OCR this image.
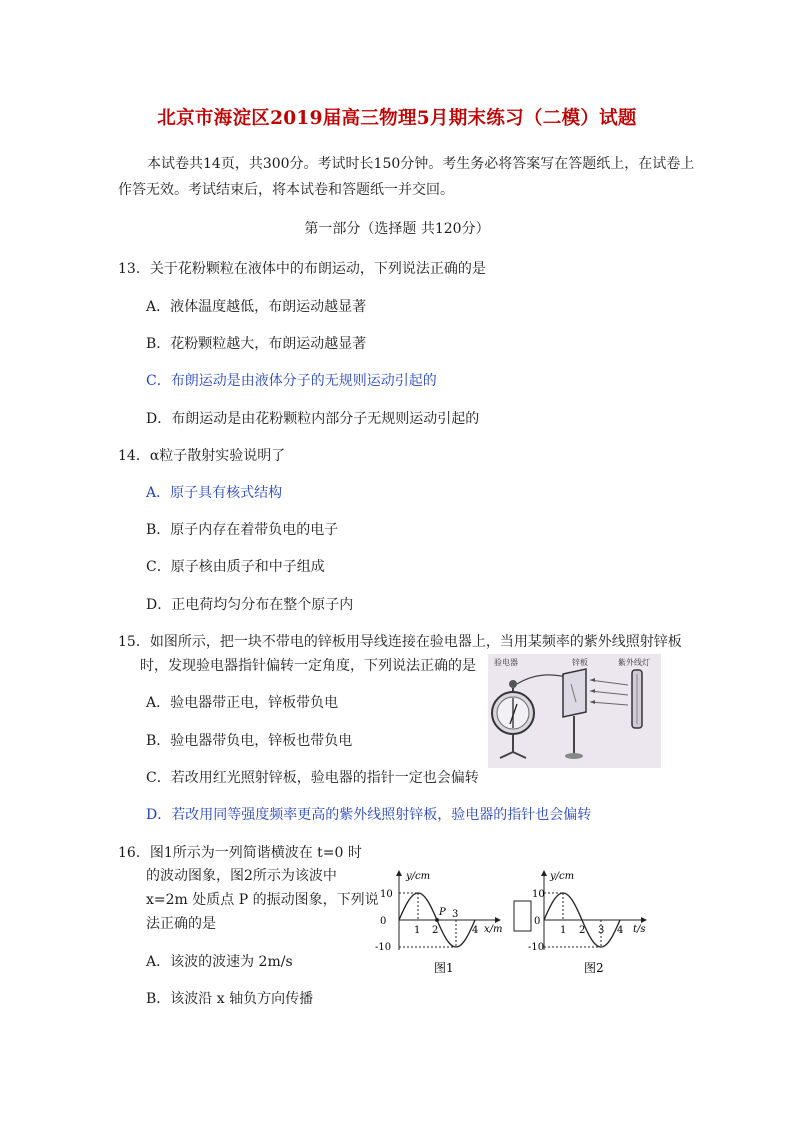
北京市海淀区2019届高三物理5月期末练习（二模）试题
本试卷共14页，共300分。考试时长150分钟。考生务必将答案写在答题纸上，在试卷上
作答无效。考试结束后，将本试卷和答题纸一并交回。
第一部分（选择题 共120分）
13．关于花粉颗粒在液体中的布朗运动，下列说法正确的是
A．液体温度越低，布朗运动越显著
B．花粉颗粒越大，布朗运动越显著
C．布朗运动是由液体分子的无规则运动引起的
D．布朗运动是由花粉颗粒内部分子无规则运动引起的
14．α粒子散射实验说明了
A．原子具有核式结构
B．原子内存在着带负电的电子
C．原子核由质子和中子组成
D．正电荷均匀分布在整个原子内
15．如图所示，把一块不带电的锌板用导线连接在验电器上，当用某频率的紫外线照射锌板
时，发现验电器指针偏转一定角度，下列说法正确的是
A．验电器带正电，锌板带负电
B．验电器带负电，锌板也带负电
C．若改用红光照射锌板，验电器的指针一定也会偏转
D．若改用同等强度频率更高的紫外线照射锌板，验电器的指针也会偏转
验电器	锌板	紫外线灯
16．图1所示为一列简谐横波在 t=0 时
的波动图象，图2所示为该波中
x=2m 处质点 P 的振动图象，下列说
法正确的是
A．该波的波速为 2m/s
B．该波沿 x 轴负方向传播
y/cm
x/m
10
0
-10
1 2
3
4
P
图1
y/cm
t/s
10
0
-10
1 2 3 4
图2
